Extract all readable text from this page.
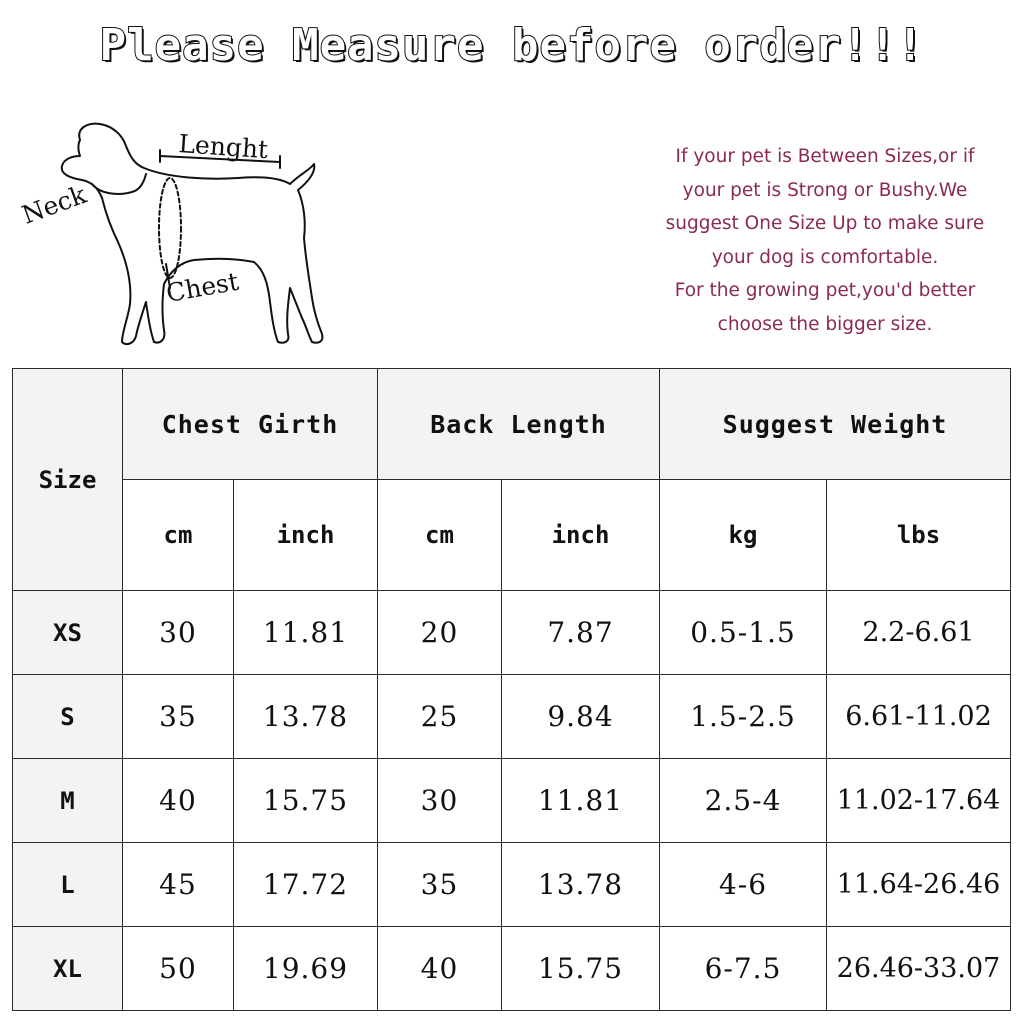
Please Measure before order!!!
Lenght
Neck
Chest
If your pet is Between Sizes,or if
your pet is Strong or Bushy.We
suggest One Size Up to make sure
your dog is comfortable.
For the growing pet,you'd better
choose the bigger size.
Size	Chest Girth		Back Length		Suggest Weight	
	cm	inch	cm	inch	kg	lbs
XS	30	11.81	20	7.87	0.5-1.5	2.2-6.61
S	35	13.78	25	9.84	1.5-2.5	6.61-11.02
M	40	15.75	30	11.81	2.5-4	11.02-17.64
L	45	17.72	35	13.78	4-6	11.64-26.46
XL	50	19.69	40	15.75	6-7.5	26.46-33.07
